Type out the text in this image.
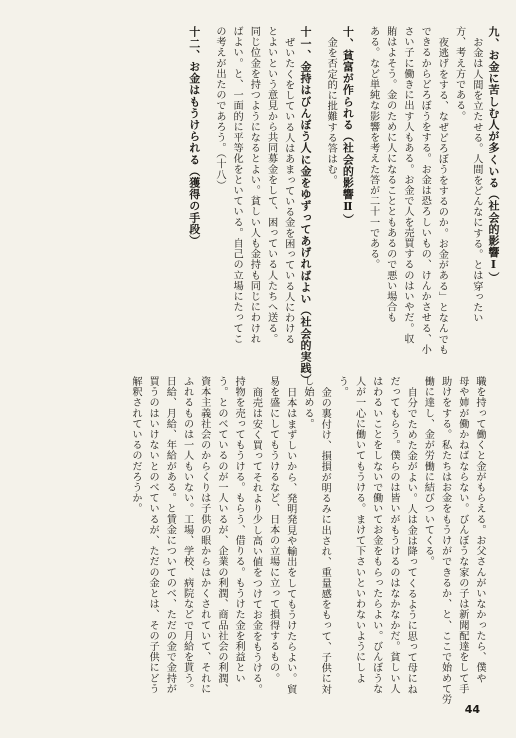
九、お金に苦しむ人が多くいる（社会的影響Ⅰ）
お金は人間を立たせる。人間をどんなにする。とは穿ったい
方、考え方である。
夜逃げをする、なぜどろぼうをするのか。お金がある」となんでも
できるからどろぼうをする。お金は恐ろしいもの、けんかさせる、小
さい子に働きに出す人もある。お金で人を売買するのはいやだ。収
賄はよそう。金のために人になることともあるので悪い場合も
ある。など単純な影響を考えた答が二十一である。
十、貧富が作られる（社会的影響Ⅱ）
金を否定的に批難する答はむ。
十一、金持はびんぼう人に金をゆずってあげればよい（社会的実践）
ぜいたくをしている人はあまっている金を困っている人にわける
とよいという意見から共同募金をして、困っている人たちへ送る。
同じ位金を持つようになるとよい。貧しい人も金持も同じにわけれ
ばよい。と、一面的に平等化をといている。自己の立場にたってこ
の考えが出たのであろう。（十八）
十二、お金はもうけられる（獲得の手段）
職を持って働くと金がもらえる。お父さんがいなかったら、僕や
母や姉が働かねばならない。びんぼうな家の子は新聞配達をして手
助けをする。私たちはお金をもうけができるか、と、ここで始めて労
働に達し、金が労働に結びついてくる。
自分でためた金がよい。人は金は降ってくるように思って母にね
だってもらう。僕らのは皆いがもうけるのはなかなかだ。貧しい人
はわるいことをしないで働いてお金をもらったらよい。びんぼうな
人が一心に働いてもうける。まけて下さいといわないようにしよ
う。
金の裏付け、損損が明るみに出され、重量感をもって、子供に対
し始める。
日本はまずしいから、発明発見や輸出をしてもうけたらよい。貿
易を盛にしてもうけるなど、日本の立場に立って損得するもの。
商売は安く買ってそれより少し高い値をつけてお金をもうける。
持物を売ってもうける。もらう、借りる。もうけた金を利益とい
う。とのべているのが一人いるが、企業の利潤、商品社会の利潤、
資本主義社会のからくりは子供の眼からはかくされていて、それに
ふれるものは一人もいない。工場、学校、病院などで月給を貰う。
日給、月給、年給がある。と賃金についてのべ、ただの金で金持が
買うのはいけないとのべているが、ただの金とは、その子供にどう
解釈されているのだろうか。
44
